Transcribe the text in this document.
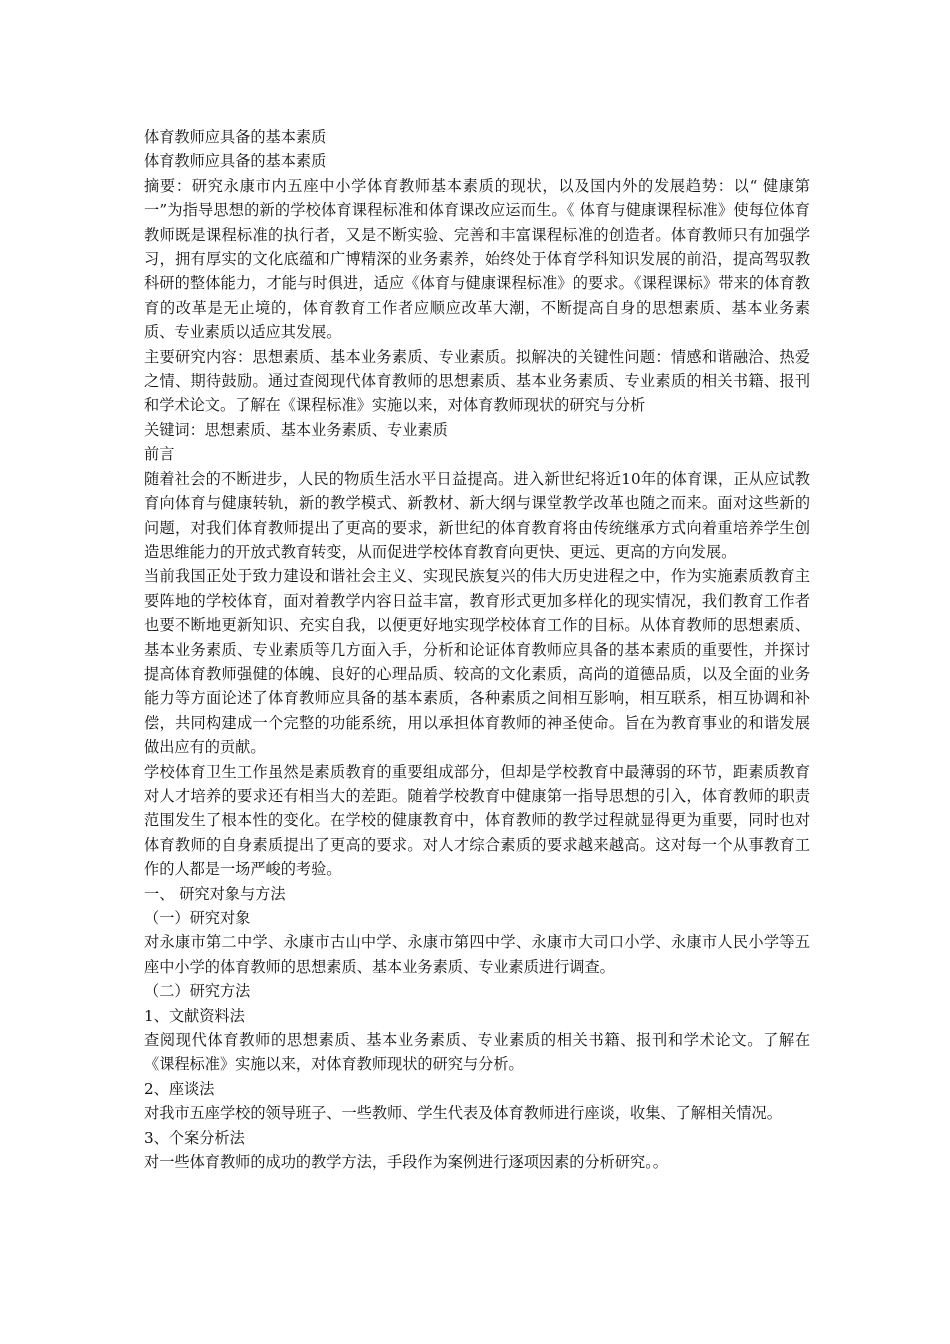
体育教师应具备的基本素质

体育教师应具备的基本素质

摘要：研究永康市内五座中小学体育教师基本素质的现状，以及国内外的发展趋势：以“ 健康第一”为指导思想的新的学校体育课程标准和体育课改应运而生。《 体育与健康课程标准》使每位体育教师既是课程标准的执行者，又是不断实验、完善和丰富课程标准的创造者。体育教师只有加强学习，拥有厚实的文化底蕴和广博精深的业务素养，始终处于体育学科知识发展的前沿，提高驾驭教科研的整体能力，才能与时俱进，适应《体育与健康课程标准》的要求。《课程课标》带来的体育教育的改革是无止境的，体育教育工作者应顺应改革大潮，不断提高自身的思想素质、基本业务素质、专业素质以适应其发展。

主要研究内容：思想素质、基本业务素质、专业素质。拟解决的关键性问题：情感和谐融洽、热爱之情、期待鼓励。通过查阅现代体育教师的思想素质、基本业务素质、专业素质的相关书籍、报刊和学术论文。了解在《课程标准》实施以来，对体育教师现状的研究与分析

关键词：思想素质、基本业务素质、专业素质

前言

随着社会的不断进步，人民的物质生活水平日益提高。进入新世纪将近10年的体育课，正从应试教育向体育与健康转轨，新的教学模式、新教材、新大纲与课堂教学改革也随之而来。面对这些新的问题，对我们体育教师提出了更高的要求，新世纪的体育教育将由传统继承方式向着重培养学生创造思维能力的开放式教育转变，从而促进学校体育教育向更快、更远、更高的方向发展。

当前我国正处于致力建设和谐社会主义、实现民族复兴的伟大历史进程之中，作为实施素质教育主要阵地的学校体育，面对着教学内容日益丰富，教育形式更加多样化的现实情况，我们教育工作者也要不断地更新知识、充实自我，以便更好地实现学校体育工作的目标。从体育教师的思想素质、基本业务素质、专业素质等几方面入手，分析和论证体育教师应具备的基本素质的重要性，并探讨提高体育教师强健的体魄、良好的心理品质、较高的文化素质，高尚的道德品质，以及全面的业务能力等方面论述了体育教师应具备的基本素质，各种素质之间相互影响，相互联系，相互协调和补偿，共同构建成一个完整的功能系统，用以承担体育教师的神圣使命。旨在为教育事业的和谐发展做出应有的贡献。

学校体育卫生工作虽然是素质教育的重要组成部分，但却是学校教育中最薄弱的环节，距素质教育对人才培养的要求还有相当大的差距。随着学校教育中健康第一指导思想的引入，体育教师的职责范围发生了根本性的变化。在学校的健康教育中，体育教师的教学过程就显得更为重要，同时也对体育教师的自身素质提出了更高的要求。对人才综合素质的要求越来越高。这对每一个从事教育工作的人都是一场严峻的考验。

一、 研究对象与方法

（一）研究对象

对永康市第二中学、永康市古山中学、永康市第四中学、永康市大司口小学、永康市人民小学等五座中小学的体育教师的思想素质、基本业务素质、专业素质进行调查。

（二）研究方法

1、文献资料法

查阅现代体育教师的思想素质、基本业务素质、专业素质的相关书籍、报刊和学术论文。了解在《课程标准》实施以来，对体育教师现状的研究与分析。

2、座谈法

对我市五座学校的领导班子、一些教师、学生代表及体育教师进行座谈，收集、了解相关情况。

3、个案分析法

对一些体育教师的成功的教学方法，手段作为案例进行逐项因素的分析研究。。
